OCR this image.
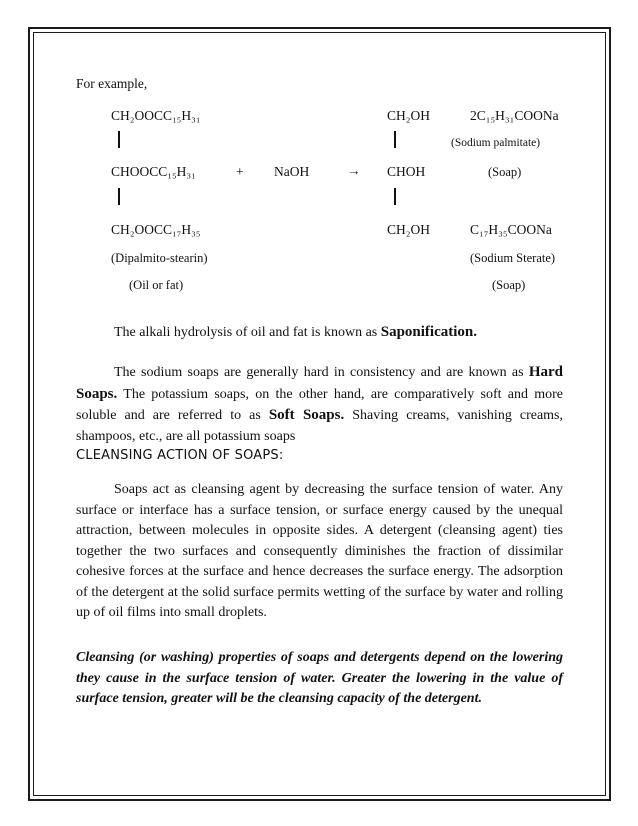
For example,
CH₂OOCC₁₅H₃₁
CHOOCC₁₅H₃₁
CH₂OOCC₁₇H₃₅
(Dipalmito-stearin)
(Oil or fat)
+ NaOH	→
CH₂OH
CHOH
CH₂OH
2C₁₅H₃₁COONa
(Sodium palmitate)
(Soap)
C₁₇H₃₅COONa
(Sodium Sterate)
(Soap)

The alkali hydrolysis of oil and fat is known as Saponification.

The sodium soaps are generally hard in consistency and are known as Hard Soaps. The potassium soaps, on the other hand, are comparatively soft and more soluble and are referred to as Soft Soaps. Shaving creams, vanishing creams, shampoos, etc., are all potassium soaps

CLEANSING ACTION OF SOAPS:

Soaps act as cleansing agent by decreasing the surface tension of water. Any surface or interface has a surface tension, or surface energy caused by the unequal attraction, between molecules in opposite sides. A detergent (cleansing agent) ties together the two surfaces and consequently diminishes the fraction of dissimilar cohesive forces at the surface and hence decreases the surface energy. The adsorption of the detergent at the solid surface permits wetting of the surface by water and rolling up of oil films into small droplets.

Cleansing (or washing) properties of soaps and detergents depend on the lowering they cause in the surface tension of water. Greater the lowering in the value of surface tension, greater will be the cleansing capacity of the detergent.
